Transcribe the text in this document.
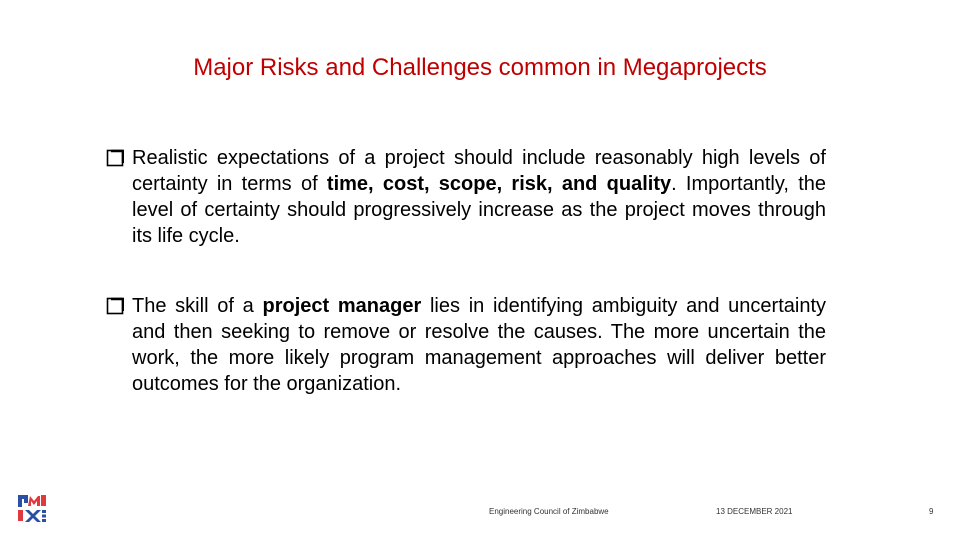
Major Risks and Challenges common in Megaprojects

Realistic expectations of a project should include reasonably high levels of certainty in terms of time, cost, scope, risk, and quality. Importantly, the level of certainty should progressively increase as the project moves through its life cycle.

The skill of a project manager lies in identifying ambiguity and uncertainty and then seeking to remove or resolve the causes. The more uncertain the work, the more likely program management approaches will deliver better outcomes for the organization.

Engineering Council of Zimbabwe	13 DECEMBER 2021	9
